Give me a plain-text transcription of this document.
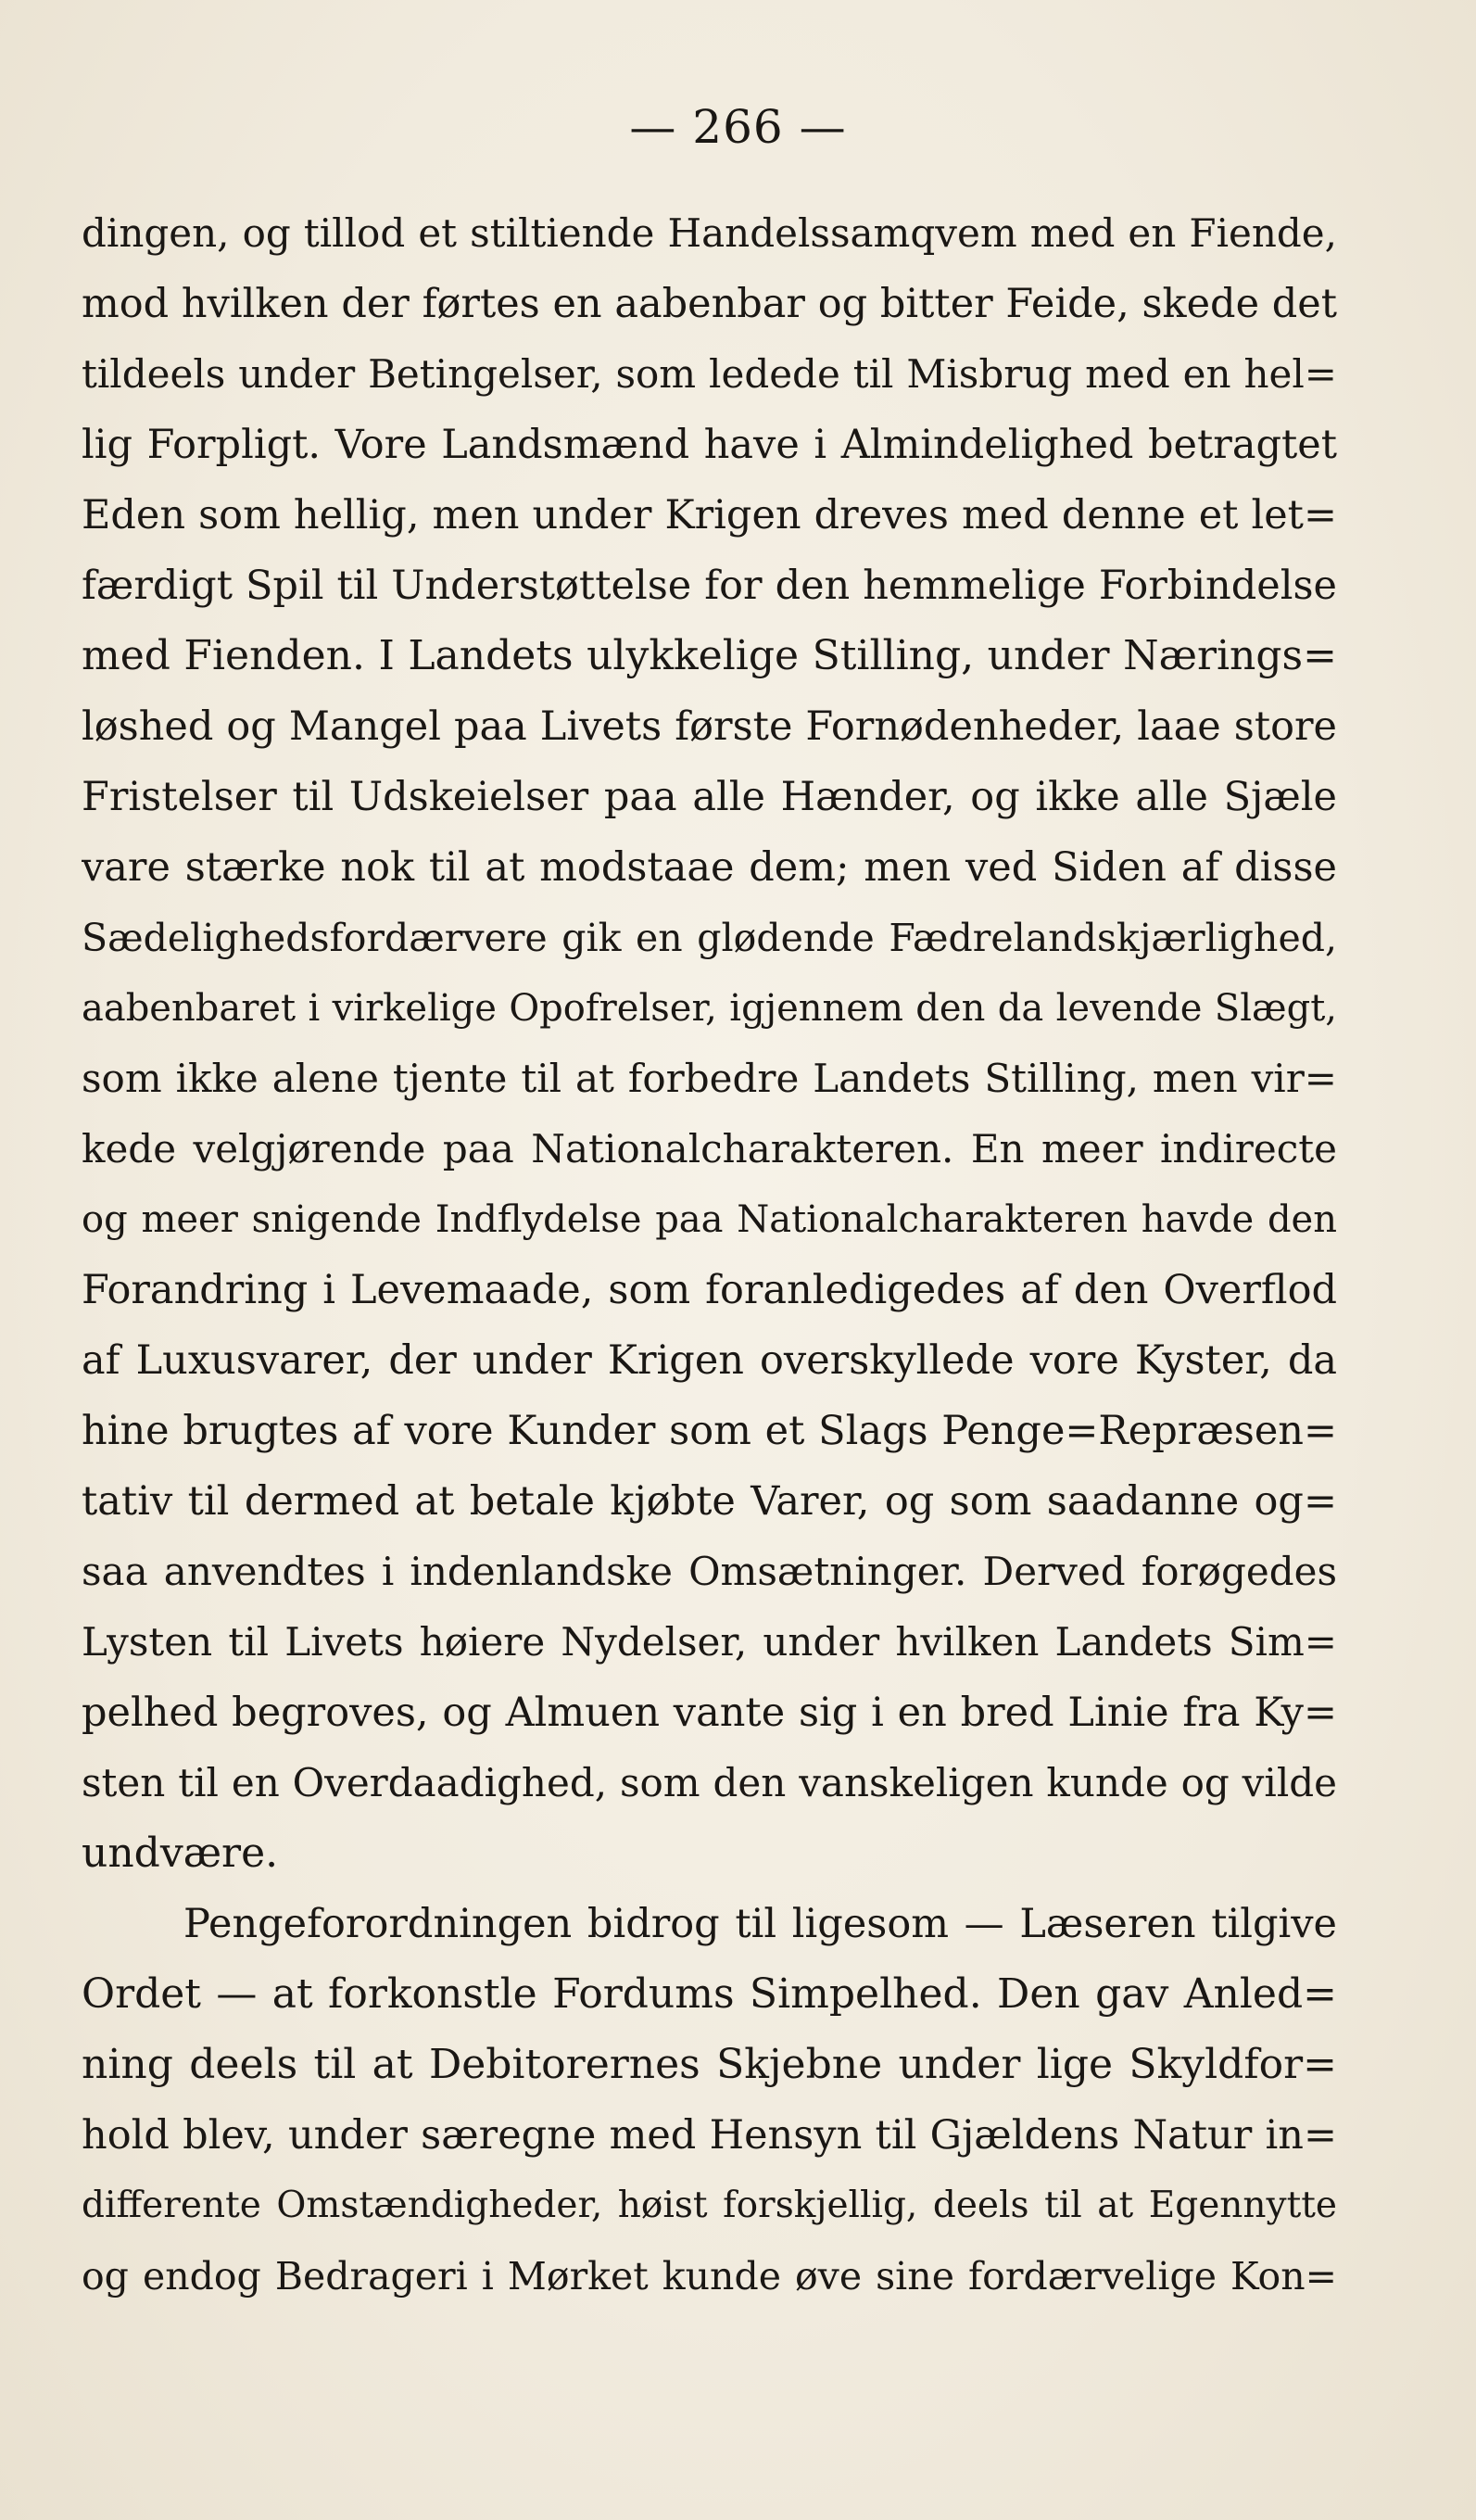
— 266 —
dingen, og tillod et stiltiende Handelssamqvem med en Fiende,
mod hvilken der førtes en aabenbar og bitter Feide, skede det
tildeels under Betingelser, som ledede til Misbrug med en hel=
lig Forpligt. Vore Landsmænd have i Almindelighed betragtet
Eden som hellig, men under Krigen dreves med denne et let=
færdigt Spil til Understøttelse for den hemmelige Forbindelse
med Fienden. I Landets ulykkelige Stilling, under Nærings=
løshed og Mangel paa Livets første Fornødenheder, laae store
Fristelser til Udskeielser paa alle Hænder, og ikke alle Sjæle
vare stærke nok til at modstaae dem; men ved Siden af disse
Sædelighedsfordærvere gik en glødende Fædrelandskjærlighed,
aabenbaret i virkelige Opofrelser, igjennem den da levende Slægt,
som ikke alene tjente til at forbedre Landets Stilling, men vir=
kede velgjørende paa Nationalcharakteren. En meer indirecte
og meer snigende Indflydelse paa Nationalcharakteren havde den
Forandring i Levemaade, som foranledigedes af den Overflod
af Luxusvarer, der under Krigen overskyllede vore Kyster, da
hine brugtes af vore Kunder som et Slags Penge=Repræsen=
tativ til dermed at betale kjøbte Varer, og som saadanne og=
saa anvendtes i indenlandske Omsætninger. Derved forøgedes
Lysten til Livets høiere Nydelser, under hvilken Landets Sim=
pelhed begroves, og Almuen vante sig i en bred Linie fra Ky=
sten til en Overdaadighed, som den vanskeligen kunde og vilde
undvære.
Pengeforordningen bidrog til ligesom — Læseren tilgive
Ordet — at forkonstle Fordums Simpelhed. Den gav Anled=
ning deels til at Debitorernes Skjebne under lige Skyldfor=
hold blev, under særegne med Hensyn til Gjældens Natur in=
differente Omstændigheder, høist forskjellig, deels til at Egennytte
og endog Bedrageri i Mørket kunde øve sine fordærvelige Kon=
